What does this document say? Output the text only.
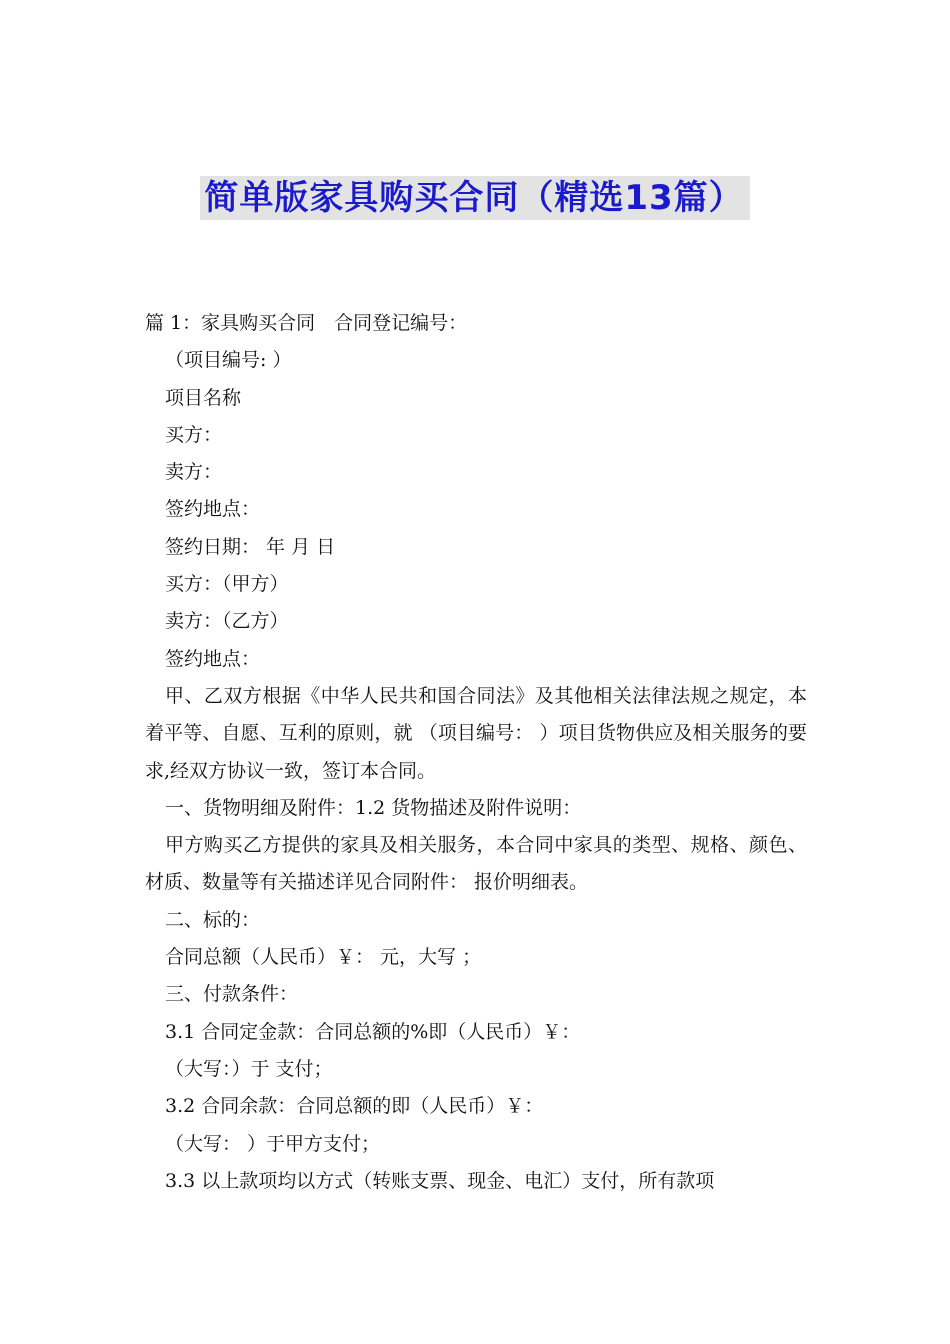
简单版家具购买合同（精选13篇）
篇 1：家具购买合同　合同登记编号：
（项目编号: ）
项目名称
买方：
卖方：
签约地点：
签约日期： 年 月 日
买方：（甲方）
卖方：（乙方）
签约地点：
甲、乙双方根据《中华人民共和国合同法》及其他相关法律法规之规定，本着平等、自愿、互利的原则，就 （项目编号： ）项目货物供应及相关服务的要求,经双方协议一致，签订本合同。
一、货物明细及附件：1.2 货物描述及附件说明：
甲方购买乙方提供的家具及相关服务，本合同中家具的类型、规格、颜色、材质、数量等有关描述详见合同附件： 报价明细表。
二、标的：
合同总额（人民币）￥： 元，大写 ；
三、付款条件：
3.1 合同定金款：合同总额的%即（人民币）￥：
（大写：）于 支付；
3.2 合同余款：合同总额的即（人民币）￥：
（大写： ）于甲方支付；
3.3 以上款项均以方式（转账支票、现金、电汇）支付，所有款项
